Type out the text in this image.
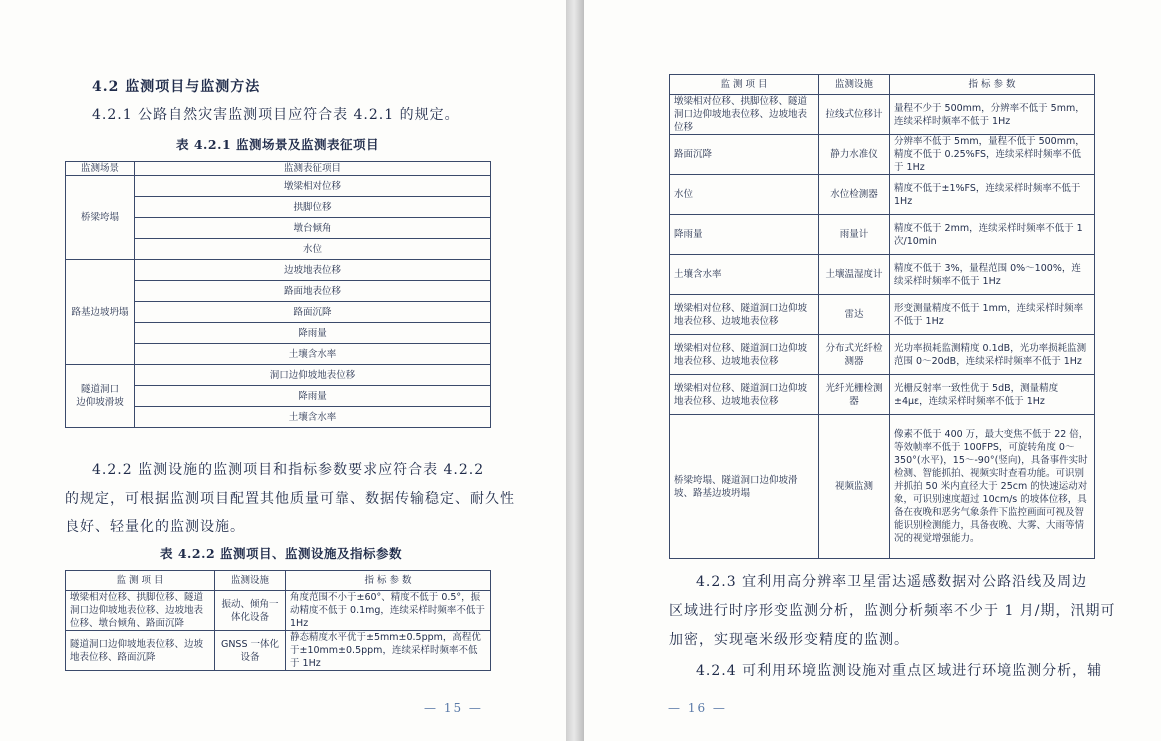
4.2 监测项目与监测方法
4.2.1 公路自然灾害监测项目应符合表 4.2.1 的规定。
表 4.2.1 监测场景及监测表征项目
监测场景	监测表征项目
桥梁垮塌	墩梁相对位移
	拱脚位移
	墩台倾角
	水位
路基边坡坍塌	边坡地表位移
	路面地表位移
	路面沉降
	降雨量
	土壤含水率
隧道洞口
边仰坡滑坡	洞口边仰坡地表位移
	降雨量
	土壤含水率
4.2.2 监测设施的监测项目和指标参数要求应符合表 4.2.2
的规定，可根据监测项目配置其他质量可靠、数据传输稳定、耐久性
良好、轻量化的监测设施。
表 4.2.2 监测项目、监测设施及指标参数
监 测 项 目	监测设施	指 标 参 数
墩梁相对位移、拱脚位移、隧道洞口边仰坡地表位移、边坡地表位移、墩台倾角、路面沉降	振动、倾角一体化设备	角度范围不小于±60°、精度不低于 0.5°，振动精度不低于 0.1mg，连续采样时频率不低于 1Hz
隧道洞口边仰坡地表位移、边坡地表位移、路面沉降	GNSS 一体化设备	静态精度水平优于±5mm±0.5ppm，高程优于±10mm±0.5ppm，连续采样时频率不低于 1Hz
— 15 —
监 测 项 目	监测设施	指 标 参 数
墩梁相对位移、拱脚位移、隧道洞口边仰坡地表位移、边坡地表位移	拉线式位移计	量程不少于 500mm，分辨率不低于 5mm，连续采样时频率不低于 1Hz
路面沉降	静力水准仪	分辨率不低于 5mm，量程不低于 500mm，精度不低于 0.25%FS，连续采样时频率不低于 1Hz
水位	水位检测器	精度不低于±1%FS，连续采样时频率不低于 1Hz
降雨量	雨量计	精度不低于 2mm，连续采样时频率不低于 1 次/10min
土壤含水率	土壤温湿度计	精度不低于 3%，量程范围 0%～100%，连续采样时频率不低于 1Hz
墩梁相对位移、隧道洞口边仰坡地表位移、边坡地表位移	雷达	形变测量精度不低于 1mm，连续采样时频率不低于 1Hz
墩梁相对位移、隧道洞口边仰坡地表位移、边坡地表位移	分布式光纤检测器	光功率损耗监测精度 0.1dB，光功率损耗监测范围 0～20dB，连续采样时频率不低于 1Hz
墩梁相对位移、隧道洞口边仰坡地表位移、边坡地表位移	光纤光栅检测器	光栅反射率一致性优于 5dB，测量精度±4με，连续采样时频率不低于 1Hz
桥梁垮塌、隧道洞口边仰坡滑坡、路基边坡坍塌	视频监测	像素不低于 400 万，最大变焦不低于 22 倍，等效帧率不低于 100FPS，可旋转角度 0～350°(水平)，15～-90°(竖向)，具备事件实时检测、智能抓拍、视频实时查看功能。可识别并抓拍 50 米内直径大于 25cm 的快速运动对象，可识别速度超过 10cm/s 的坡体位移，具备在夜晚和恶劣气象条件下监控画面可视及智能识别检测能力，具备夜晚、大雾、大雨等情况的视觉增强能力。
4.2.3 宜利用高分辨率卫星雷达遥感数据对公路沿线及周边
区域进行时序形变监测分析，监测分析频率不少于 1 月/期，汛期可
加密，实现毫米级形变精度的监测。
4.2.4 可利用环境监测设施对重点区域进行环境监测分析，辅
— 16 —
